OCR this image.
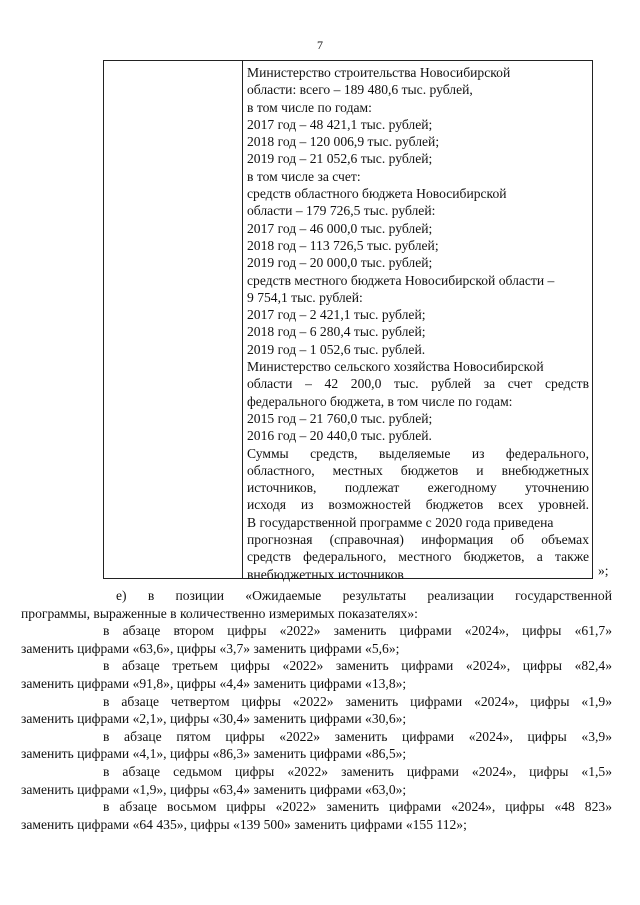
7
Министерство строительства Новосибирской
области: всего – 189 480,6 тыс. рублей,
в том числе по годам:
2017 год – 48 421,1 тыс. рублей;
2018 год – 120 006,9 тыс. рублей;
2019 год – 21 052,6 тыс. рублей;
в том числе за счет:
средств областного бюджета Новосибирской
области – 179 726,5 тыс. рублей:
2017 год – 46 000,0 тыс. рублей;
2018 год – 113 726,5 тыс. рублей;
2019 год – 20 000,0 тыс. рублей;
средств местного бюджета Новосибирской области –
9 754,1 тыс. рублей:
2017 год – 2 421,1 тыс. рублей;
2018 год – 6 280,4 тыс. рублей;
2019 год – 1 052,6 тыс. рублей.
Министерство сельского хозяйства Новосибирской
области – 42 200,0 тыс. рублей за счет средств
федерального бюджета, в том числе по годам:
2015 год – 21 760,0 тыс. рублей;
2016 год – 20 440,0 тыс. рублей.
Суммы средств, выделяемые из федерального,
областного, местных бюджетов и внебюджетных
источников, подлежат ежегодному уточнению
исходя из возможностей бюджетов всех уровней.
В государственной программе с 2020 года приведена
прогнозная (справочная) информация об объемах
средств федерального, местного бюджетов, а также
внебюджетных источников	»;

е) в позиции «Ожидаемые результаты реализации государственной
программы, выраженные в количественно измеримых показателях»:

в абзаце втором цифры «2022» заменить цифрами «2024», цифры «61,7»
заменить цифрами «63,6», цифры «3,7» заменить цифрами «5,6»;

в абзаце третьем цифры «2022» заменить цифрами «2024», цифры «82,4»
заменить цифрами «91,8», цифры «4,4» заменить цифрами «13,8»;

в абзаце четвертом цифры «2022» заменить цифрами «2024», цифры «1,9»
заменить цифрами «2,1», цифры «30,4» заменить цифрами «30,6»;

в абзаце пятом цифры «2022» заменить цифрами «2024», цифры «3,9»
заменить цифрами «4,1», цифры «86,3» заменить цифрами «86,5»;

в абзаце седьмом цифры «2022» заменить цифрами «2024», цифры «1,5»
заменить цифрами «1,9», цифры «63,4» заменить цифрами «63,0»;

в абзаце восьмом цифры «2022» заменить цифрами «2024», цифры «48 823»
заменить цифрами «64 435», цифры «139 500» заменить цифрами «155 112»;
